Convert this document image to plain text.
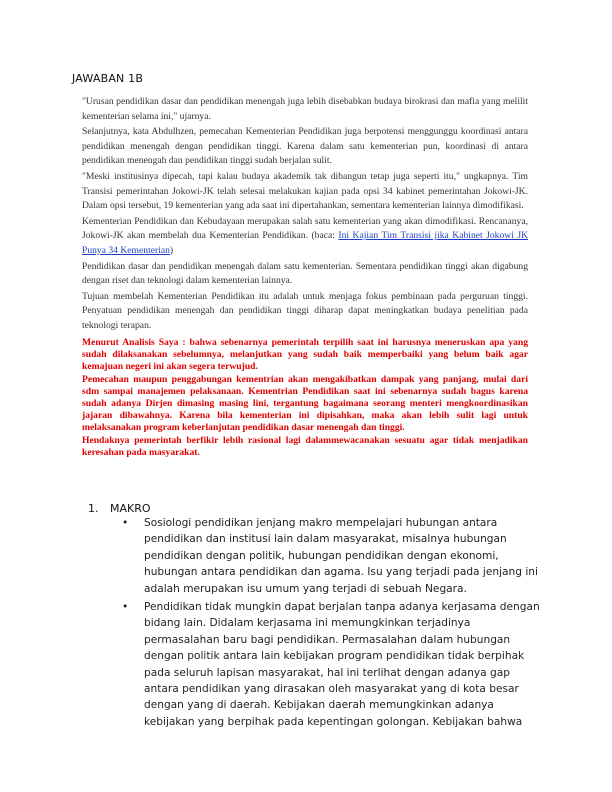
JAWABAN 1B

"Urusan pendidikan dasar dan pendidikan menengah juga lebih disebabkan budaya birokrasi dan mafia yang melilit kementerian selama ini," ujarnya.

Selanjutnya, kata Abdulhzen, pemecahan Kementerian Pendidikan juga berpotensi menggunggu koordinasi antara pendidikan menengah dengan pendidikan tinggi. Karena dalam satu kementerian pun, koordinasi di antara pendidikan menengah dan pendidikan tinggi sudah berjalan sulit.

"Meski institusinya dipecah, tapi kalau budaya akademik tak dibangun tetap juga seperti itu," ungkapnya. Tim Transisi pemerintahan Jokowi-JK telah selesai melakukan kajian pada opsi 34 kabinet pemerintahan Jokowi-JK. Dalam opsi tersebut, 19 kementerian yang ada saat ini dipertahankan, sementara kementerian lainnya dimodifikasi.

Kementerian Pendidikan dan Kebudayaan merupakan salah satu kementerian yang akan dimodifikasi. Rencananya, Jokowi-JK akan membelah dua Kementerian Pendidikan. (baca: Ini Kajian Tim Transisi jika Kabinet Jokowi JK Punya 34 Kementerian)

Pendidikan dasar dan pendidikan menengah dalam satu kementerian. Sementara pendidikan tinggi akan digabung dengan riset dan teknologi dalam kementerian lainnya.

Tujuan membelah Kementerian Pendidikan itu adalah untuk menjaga fokus pembinaan pada perguruan tinggi. Penyatuan pendidikan menengah dan pendidikan tinggi diharap dapat meningkatkan budaya penelitian pada teknologi terapan.

Menurut Analisis Saya : bahwa sebenarnya pemerintah terpilih saat ini harusnya meneruskan apa yang sudah dilaksanakan sebelumnya, melanjutkan yang sudah baik memperbaiki yang belum baik agar kemajuan negeri ini akan segera terwujud.

Pemecahan maupun penggabungan kementrian akan mengakibatkan dampak yang panjang, mulai dari sdm sampai manajemen pelaksanaan. Kementrian Pendidikan saat ini sebenarnya sudah bagus karena sudah adanya Dirjen dimasing masing lini, tergantung bagaimana seorang menteri mengkoordinasikan jajaran dibawahnya. Karena bila kementerian ini dipisahkan, maka akan lebih sulit lagi untuk melaksanakan program keberlanjutan pendidikan dasar menengah dan tinggi.

Hendaknya pemerintah berfikir lebih rasional lagi dalammewacanakan sesuatu agar tidak menjadikan keresahan pada masyarakat.

1. MAKRO
• Sosiologi pendidikan jenjang makro mempelajari hubungan antara pendidikan dan institusi lain dalam masyarakat, misalnya hubungan pendidikan dengan politik, hubungan pendidikan dengan ekonomi, hubungan antara pendidikan dan agama. Isu yang terjadi pada jenjang ini adalah merupakan isu umum yang terjadi di sebuah Negara.
• Pendidikan tidak mungkin dapat berjalan tanpa adanya kerjasama dengan bidang lain. Didalam kerjasama ini memungkinkan terjadinya permasalahan baru bagi pendidikan. Permasalahan dalam hubungan dengan politik antara lain kebijakan program pendidikan tidak berpihak pada seluruh lapisan masyarakat, hal ini terlihat dengan adanya gap antara pendidikan yang dirasakan oleh masyarakat yang di kota besar dengan yang di daerah. Kebijakan daerah memungkinkan adanya kebijakan yang berpihak pada kepentingan golongan. Kebijakan bahwa
